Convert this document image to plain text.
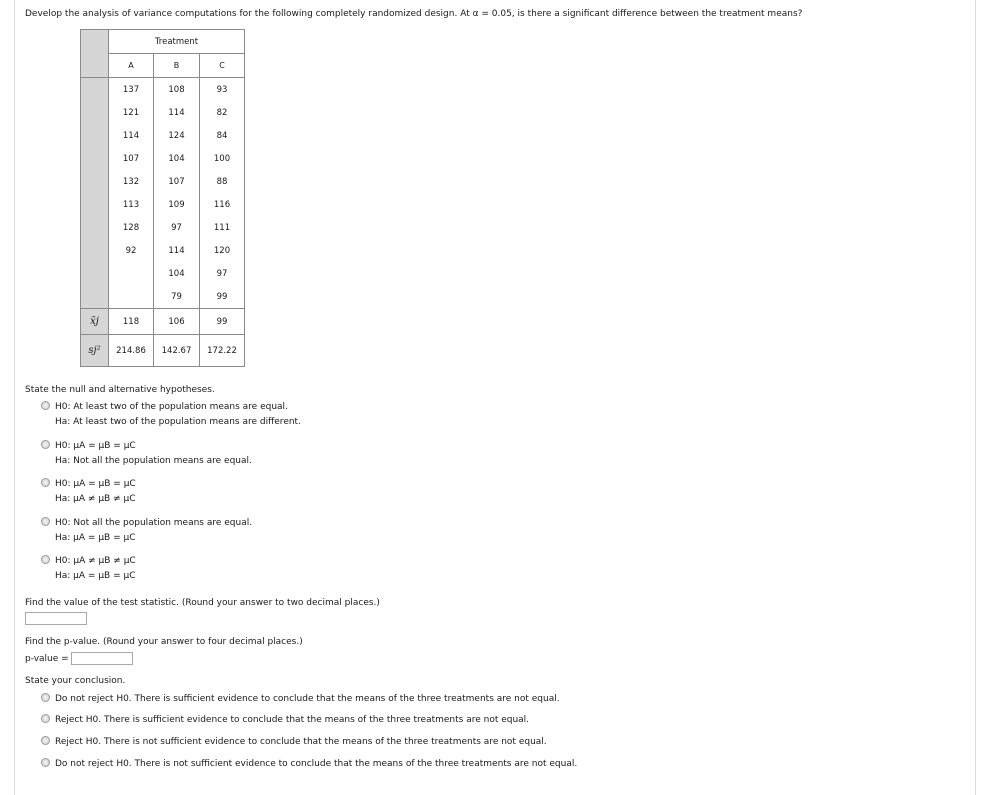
Develop the analysis of variance computations for the following completely randomized design. At α = 0.05, is there a significant difference between the treatment means?
	Treatment		
	A	B	C
	137	108	93
	121	114	82
	114	124	84
	107	104	100
	132	107	88
	113	109	116
	128	97	111
	92	114	120
		104	97
		79	99
x̄j	118	106	99
sj²	214.86	142.67	172.22
State the null and alternative hypotheses.
H0: At least two of the population means are equal.
Ha: At least two of the population means are different.
H0: μA = μB = μC
Ha: Not all the population means are equal.
H0: μA = μB = μC
Ha: μA ≠ μB ≠ μC
H0: Not all the population means are equal.
Ha: μA = μB = μC
H0: μA ≠ μB ≠ μC
Ha: μA = μB = μC
Find the value of the test statistic. (Round your answer to two decimal places.)
Find the p-value. (Round your answer to four decimal places.)
p-value =
State your conclusion.
Do not reject H0. There is sufficient evidence to conclude that the means of the three treatments are not equal.
Reject H0. There is sufficient evidence to conclude that the means of the three treatments are not equal.
Reject H0. There is not sufficient evidence to conclude that the means of the three treatments are not equal.
Do not reject H0. There is not sufficient evidence to conclude that the means of the three treatments are not equal.
